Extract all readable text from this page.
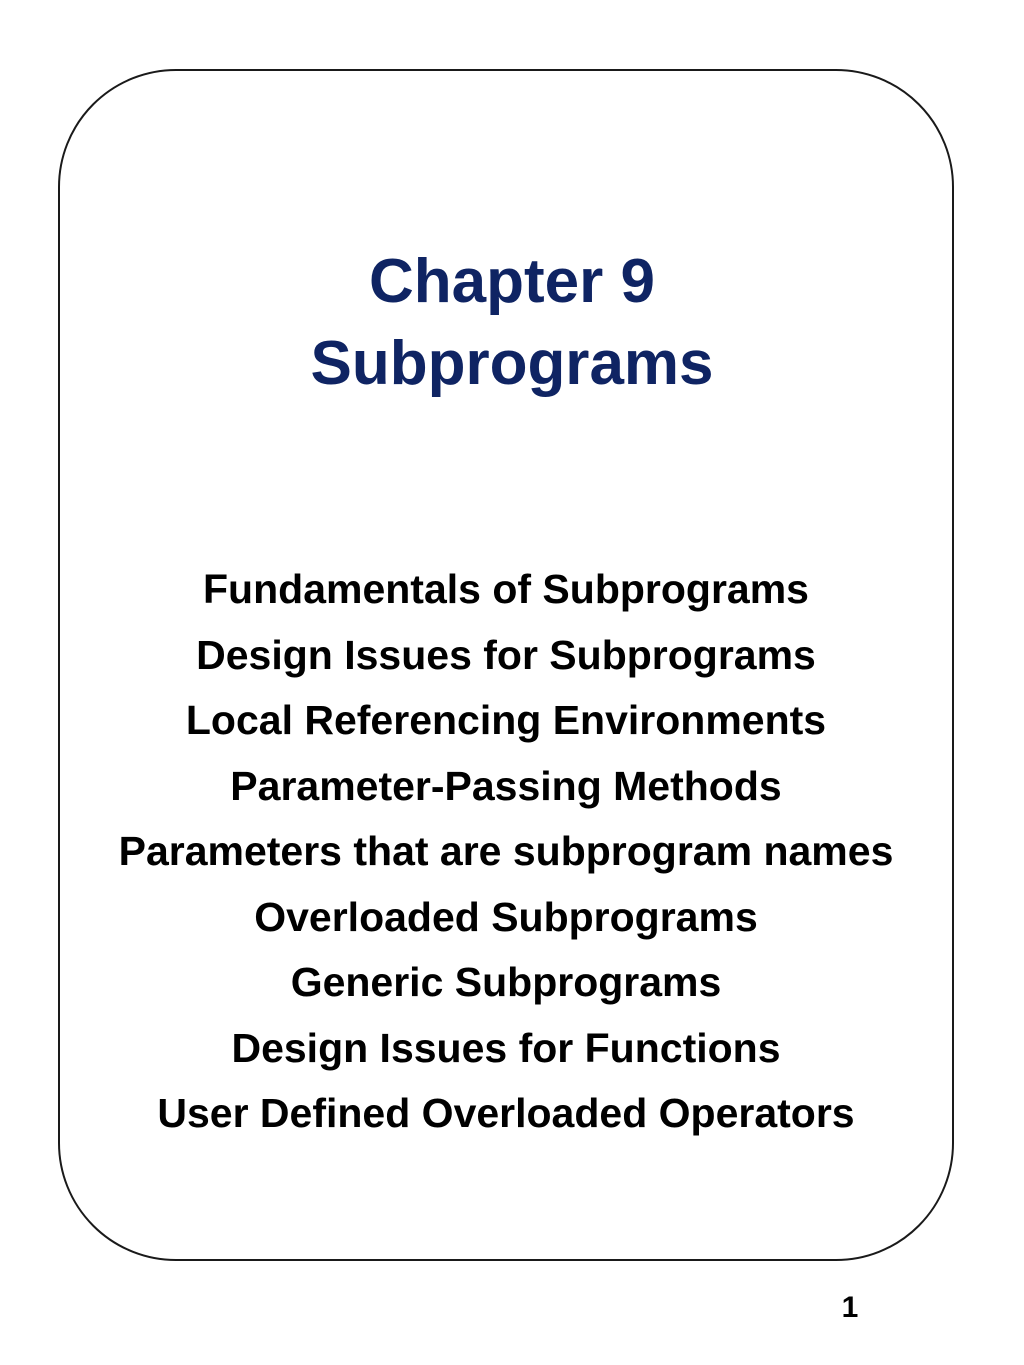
Chapter 9
Subprograms
Fundamentals of Subprograms
Design Issues for Subprograms
Local Referencing Environments
Parameter-Passing Methods
Parameters that are subprogram names
Overloaded Subprograms
Generic Subprograms
Design Issues for Functions
User Defined Overloaded Operators
1
